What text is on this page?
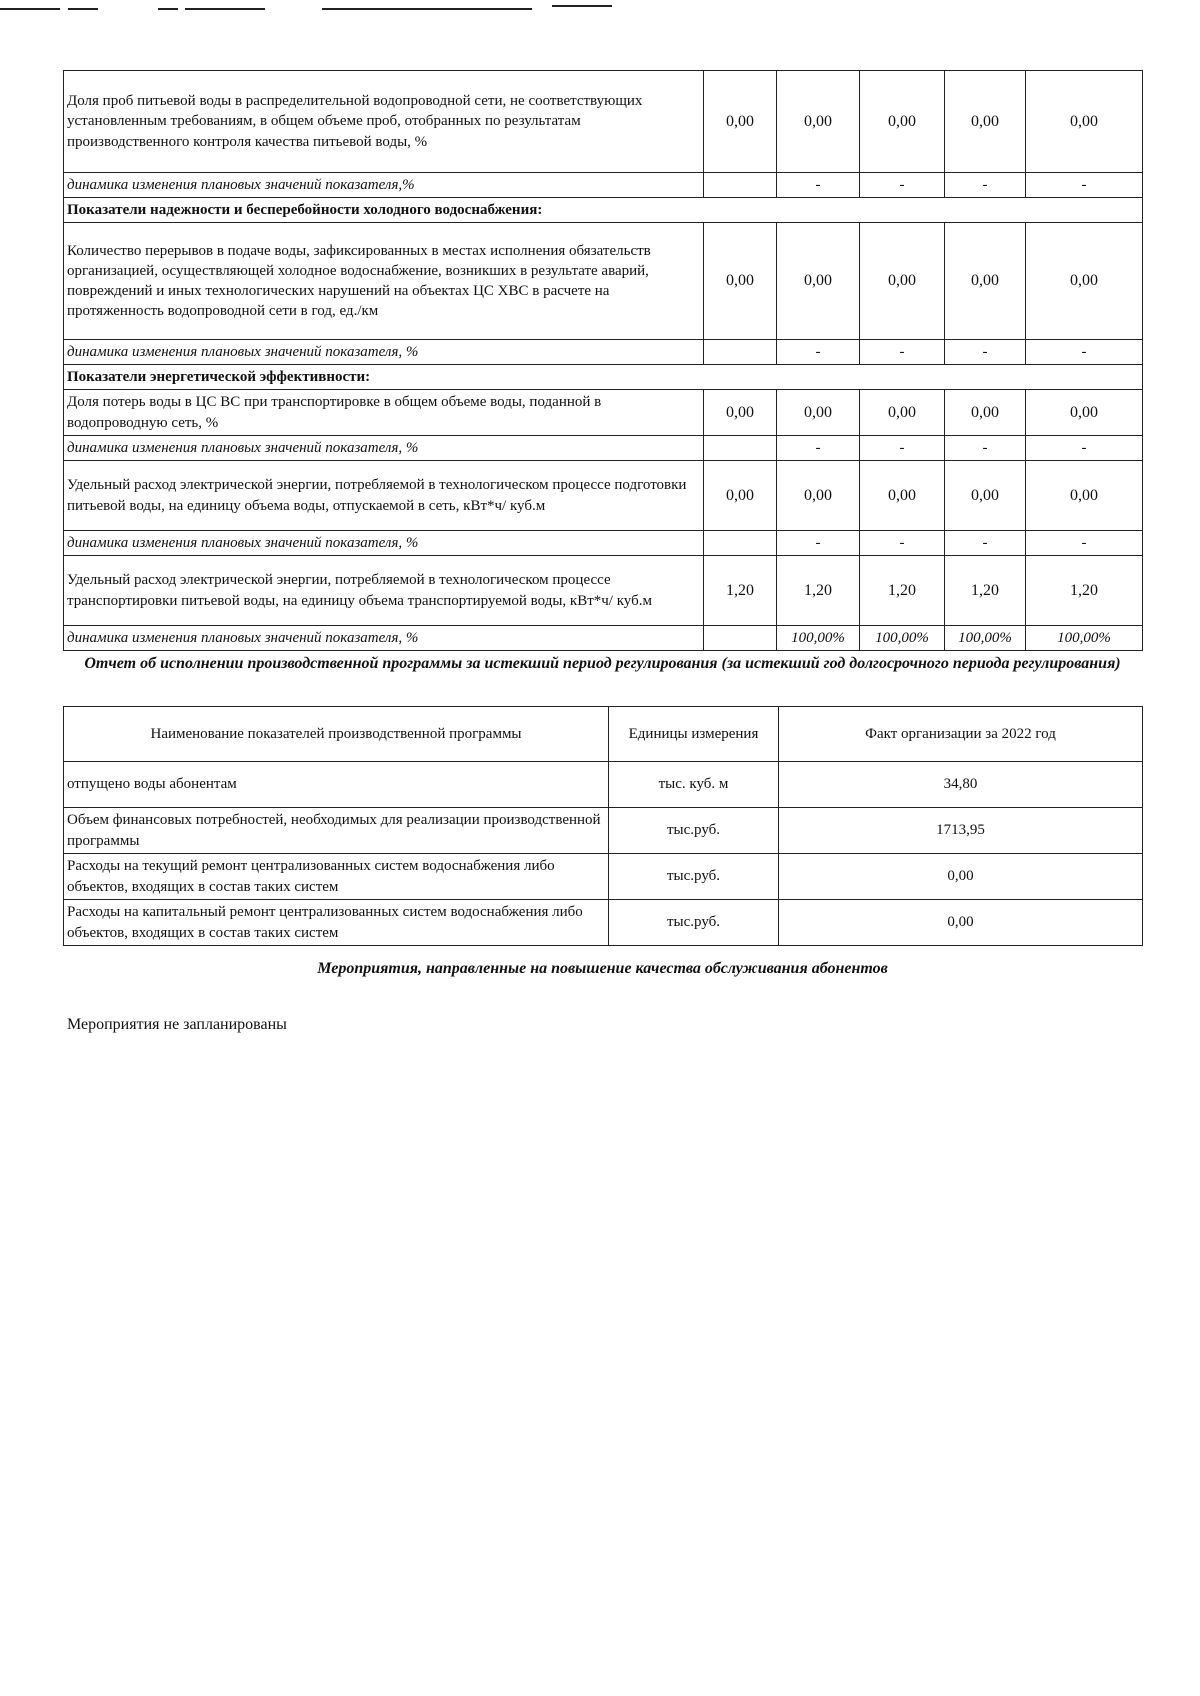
Доля проб питьевой воды в распределительной водопроводной сети, не соответствующих установленным требованиям, в общем объеме проб, отобранных по результатам производственного контроля качества питьевой воды, %	0,00	0,00	0,00	0,00	0,00
динамика изменения плановых значений показателя,%		-	-	-	-
Показатели надежности и бесперебойности холодного водоснабжения:					
Количество перерывов в подаче воды, зафиксированных в местах исполнения обязательств организацией, осуществляющей холодное водоснабжение, возникших в результате аварий, повреждений и иных технологических нарушений на объектах ЦС ХВС в расчете на протяженность водопроводной сети в год, ед./км	0,00	0,00	0,00	0,00	0,00
динамика изменения плановых значений показателя, %		-	-	-	-
Показатели энергетической эффективности:					
Доля потерь воды в ЦС ВС при транспортировке в общем объеме воды, поданной в водопроводную сеть, %	0,00	0,00	0,00	0,00	0,00
динамика изменения плановых значений показателя, %		-	-	-	-
Удельный расход электрической энергии, потребляемой в технологическом процессе подготовки питьевой воды, на единицу объема воды, отпускаемой в сеть, кВт*ч/ куб.м	0,00	0,00	0,00	0,00	0,00
динамика изменения плановых значений показателя, %		-	-	-	-
Удельный расход электрической энергии, потребляемой в технологическом процессе транспортировки питьевой воды, на единицу объема транспортируемой воды, кВт*ч/ куб.м	1,20	1,20	1,20	1,20	1,20
динамика изменения плановых значений показателя, %		100,00%	100,00%	100,00%	100,00%
Отчет об исполнении производственной программы за истекший период регулирования (за истекший год долгосрочного периода регулирования)
Наименование показателей производственной программы	Единицы измерения	Факт организации за 2022 год
отпущено воды абонентам	тыс. куб. м	34,80
Объем финансовых потребностей, необходимых для реализации производственной программы	тыс.руб.	1713,95
Расходы на текущий ремонт централизованных систем водоснабжения либо объектов, входящих в состав таких систем	тыс.руб.	0,00
Расходы на капитальный ремонт централизованных систем водоснабжения либо объектов, входящих в состав таких систем	тыс.руб.	0,00
Мероприятия, направленные на повышение качества обслуживания абонентов
Мероприятия не запланированы
